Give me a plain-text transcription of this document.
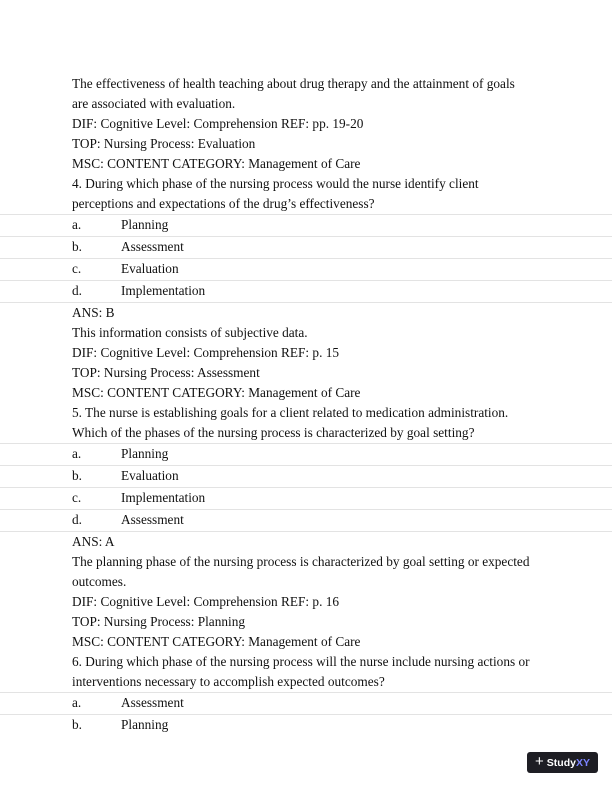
The effectiveness of health teaching about drug therapy and the attainment of goals
are associated with evaluation.
DIF: Cognitive Level: Comprehension REF: pp. 19-20
TOP: Nursing Process: Evaluation
MSC: CONTENT CATEGORY: Management of Care
4. During which phase of the nursing process would the nurse identify client
perceptions and expectations of the drug’s effectiveness?
a.	Planning
b.	Assessment
c.	Evaluation
d.	Implementation
ANS: B
This information consists of subjective data.
DIF: Cognitive Level: Comprehension REF: p. 15
TOP: Nursing Process: Assessment
MSC: CONTENT CATEGORY: Management of Care
5. The nurse is establishing goals for a client related to medication administration.
Which of the phases of the nursing process is characterized by goal setting?
a.	Planning
b.	Evaluation
c.	Implementation
d.	Assessment
ANS: A
The planning phase of the nursing process is characterized by goal setting or expected
outcomes.
DIF: Cognitive Level: Comprehension REF: p. 16
TOP: Nursing Process: Planning
MSC: CONTENT CATEGORY: Management of Care
6. During which phase of the nursing process will the nurse include nursing actions or
interventions necessary to accomplish expected outcomes?
a.	Assessment
b.	Planning
+ StudyXY
